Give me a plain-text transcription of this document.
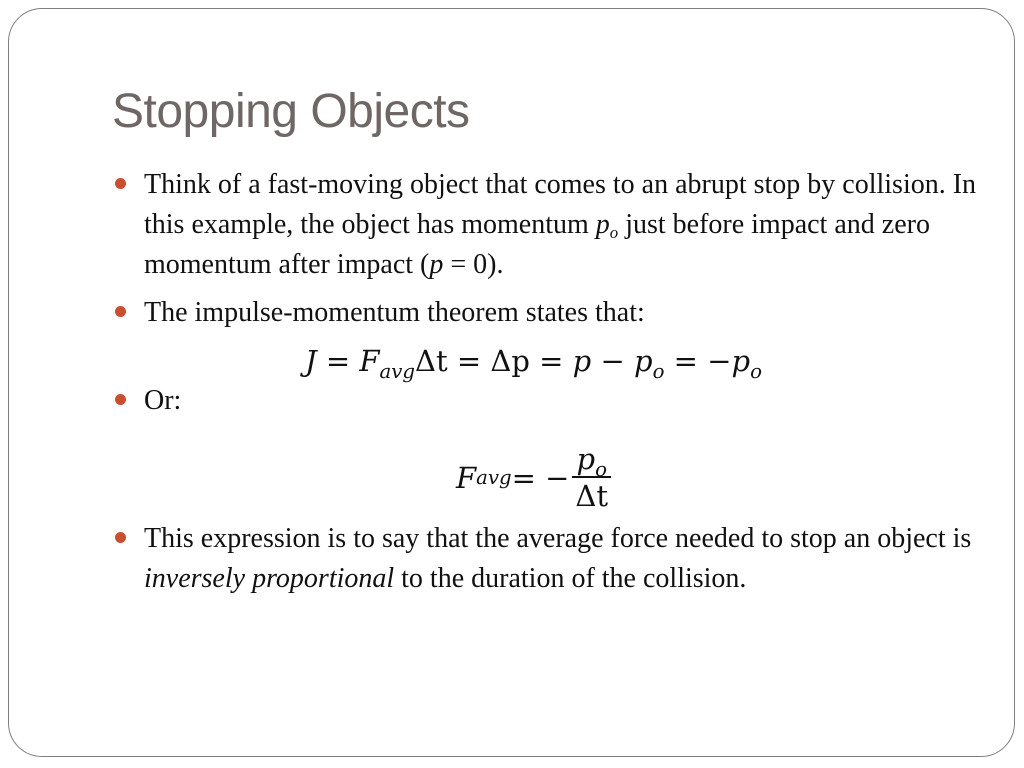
Stopping Objects
Think of a fast-moving object that comes to an abrupt stop by collision. In this example, the object has momentum $p_o$ just before impact and zero momentum after impact (p = 0).
The impulse-momentum theorem states that:
$J = F_{avg}\Delta t = \Delta p = p - p_o = -p_o$
Or:
F avg = − $\frac{p_o}{\Delta t}$
This expression is to say that the average force needed to stop an object is inversely proportional to the duration of the collision.
